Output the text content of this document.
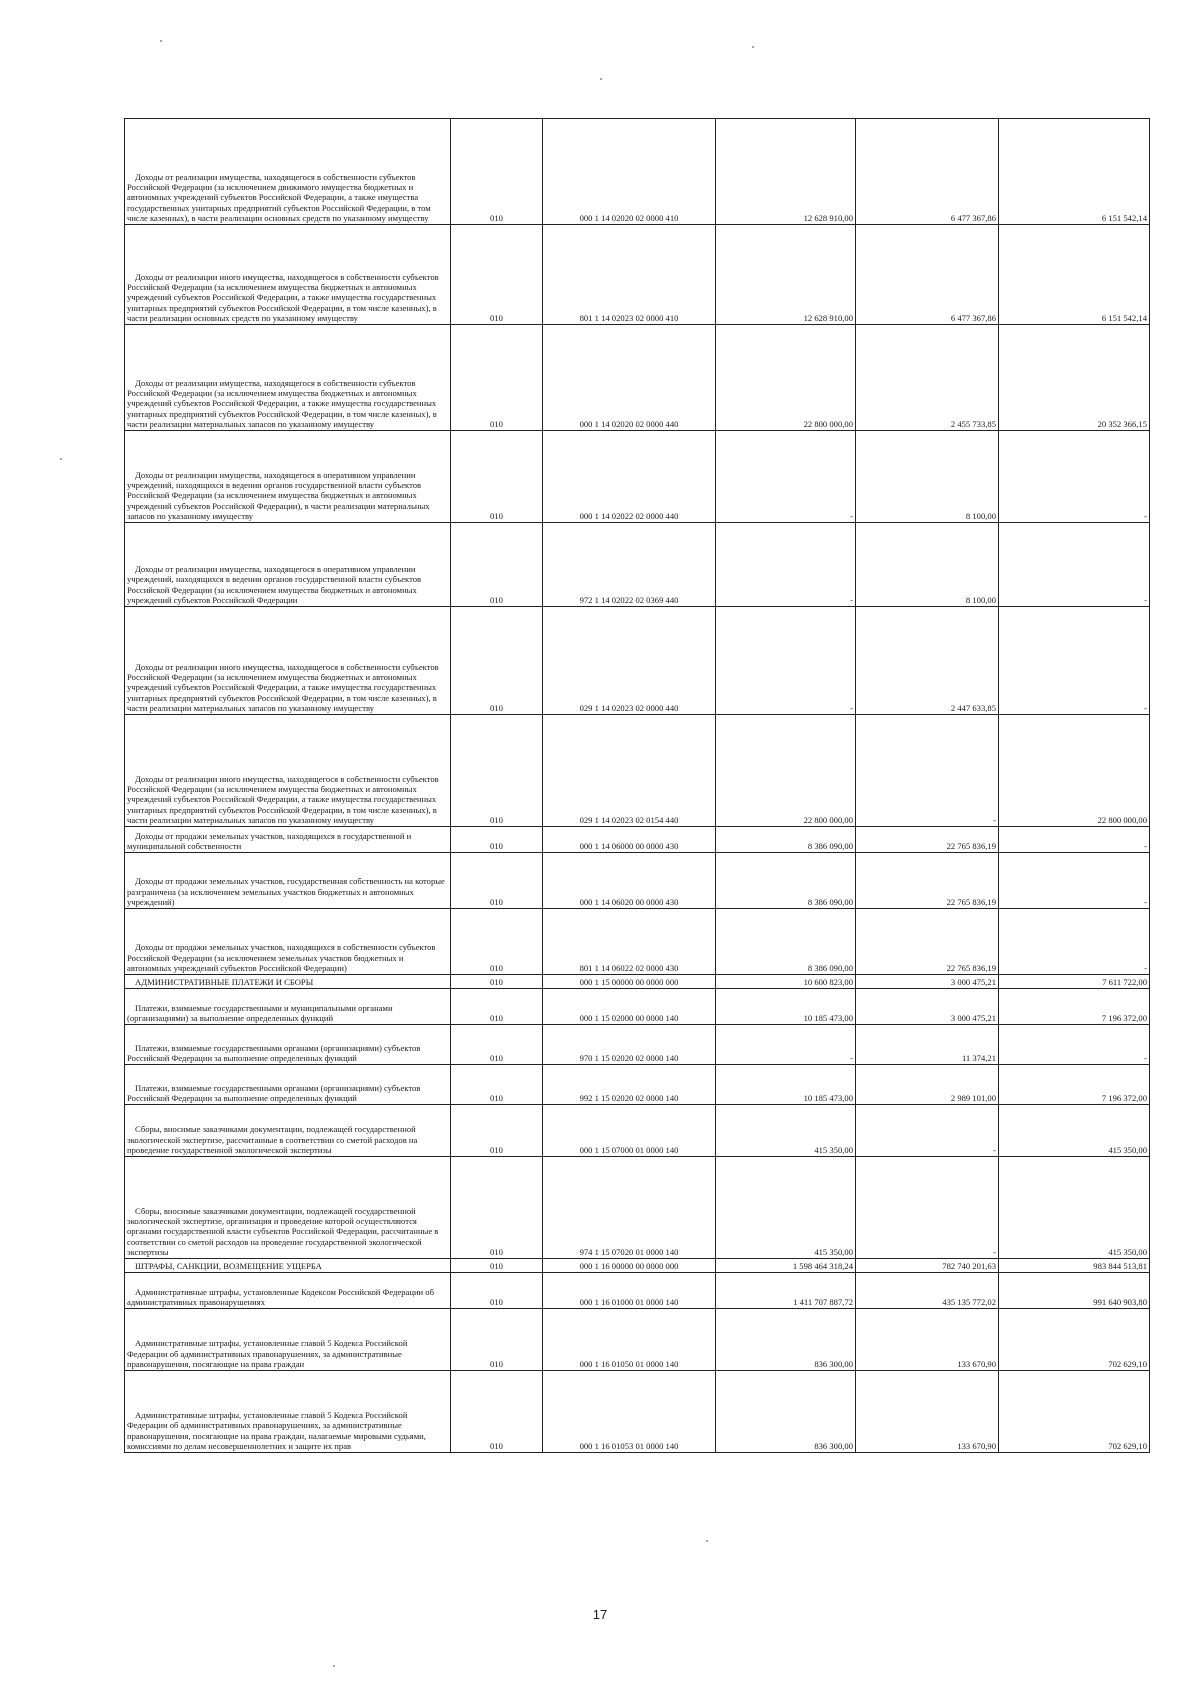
Доходы от реализации имущества, находящегося в собственности субъектов Российской Федерации (за исключением движимого имущества бюджетных и автономных учреждений субъектов Российской Федерации, а также имущества государственных унитарных предприятий субъектов Российской Федерации, в том числе казенных), в части реализации основных средств по указанному имуществу	010	000 1 14 02020 02 0000 410	12 628 910,00	6 477 367,86	6 151 542,14

Доходы от реализации иного имущества, находящегося в собственности субъектов Российской Федерации (за исключением имущества бюджетных и автономных учреждений субъектов Российской Федерации, а также имущества государственных унитарных предприятий субъектов Российской Федерации, в том числе казенных), в части реализации основных средств по указанному имуществу	010	801 1 14 02023 02 0000 410	12 628 910,00	6 477 367,86	6 151 542,14

Доходы от реализации имущества, находящегося в собственности субъектов Российской Федерации (за исключением имущества бюджетных и автономных учреждений субъектов Российской Федерации, а также имущества государственных унитарных предприятий субъектов Российской Федерации, в том числе казенных), в части реализации материальных запасов по указанному имуществу	010	000 1 14 02020 02 0000 440	22 800 000,00	2 455 733,85	20 352 366,15

Доходы от реализации имущества, находящегося в оперативном управлении учреждений, находящихся в ведении органов государственной власти субъектов Российской Федерации (за исключением имущества бюджетных и автономных учреждений субъектов Российской Федерации), в части реализации материальных запасов по указанному имуществу	010	000 1 14 02022 02 0000 440	-	8 100,00	-

Доходы от реализации имущества, находящегося в оперативном управлении учреждений, находящихся в ведении органов государственной власти субъектов Российской Федерации (за исключением имущества бюджетных и автономных учреждений субъектов Российской Федерации	010	972 1 14 02022 02 0369 440	-	8 100,00	-

Доходы от реализации иного имущества, находящегося в собственности субъектов Российской Федерации (за исключением имущества бюджетных и автономных учреждений субъектов Российской Федерации, а также имущества государственных унитарных предприятий субъектов Российской Федерации, в том числе казенных), в части реализации материальных запасов по указанному имуществу	010	029 1 14 02023 02 0000 440	-	2 447 633,85	-

Доходы от реализации иного имущества, находящегося в собственности субъектов Российской Федерации (за исключением имущества бюджетных и автономных учреждений субъектов Российской Федерации, а также имущества государственных унитарных предприятий субъектов Российской Федерации, в том числе казенных), в части реализации материальных запасов по указанному имуществу	010	029 1 14 02023 02 0154 440	22 800 000,00	-	22 800 000,00

Доходы от продажи земельных участков, находящихся в государственной и муниципальной собственности	010	000 1 14 06000 00 0000 430	8 386 090,00	22 765 836,19	-

Доходы от продажи земельных участков, государственная собственность на которые разграничена (за исключением земельных участков бюджетных и автономных учреждений)	010	000 1 14 06020 00 0000 430	8 386 090,00	22 765 836,19	-

Доходы от продажи земельных участков, находящихся в собственности субъектов Российской Федерации (за исключением земельных участков бюджетных и автономных учреждений субъектов Российской Федерации)	010	801 1 14 06022 02 0000 430	8 386 090,00	22 765 836,19	-

АДМИНИСТРАТИВНЫЕ ПЛАТЕЖИ И СБОРЫ	010	000 1 15 00000 00 0000 000	10 600 823,00	3 000 475,21	7 611 722,00

Платежи, взимаемые государственными и муниципальными органами (организациями) за выполнение определенных функций	010	000 1 15 02000 00 0000 140	10 185 473,00	3 000 475,21	7 196 372,00

Платежи, взимаемые государственными органами (организациями) субъектов Российской Федерации за выполнение определенных функций	010	970 1 15 02020 02 0000 140	-	11 374,21	-

Платежи, взимаемые государственными органами (организациями) субъектов Российской Федерации за выполнение определенных функций	010	992 1 15 02020 02 0000 140	10 185 473,00	2 989 101,00	7 196 372,00

Сборы, вносимые заказчиками документации, подлежащей государственной экологической экспертизе, рассчитанные в соответствии со сметой расходов на проведение государственной экологической экспертизы	010	000 1 15 07000 01 0000 140	415 350,00	-	415 350,00

Сборы, вносимые заказчиками документации, подлежащей государственной экологической экспертизе, организация и проведение которой осуществляются органами государственной власти субъектов Российской Федерации, рассчитанные в соответствии со сметой расходов на проведение государственной экологической экспертизы	010	974 1 15 07020 01 0000 140	415 350,00	-	415 350,00

ШТРАФЫ, САНКЦИИ, ВОЗМЕЩЕНИЕ УЩЕРБА	010	000 1 16 00000 00 0000 000	1 598 464 318,24	782 740 201,63	983 844 513,81

Административные штрафы, установленные Кодексом Российской Федерации об административных правонарушениях	010	000 1 16 01000 01 0000 140	1 411 707 887,72	435 135 772,02	991 640 903,80

Административные штрафы, установленные главой 5 Кодекса Российской Федерации об административных правонарушениях, за административные правонарушения, посягающие на права граждан	010	000 1 16 01050 01 0000 140	836 300,00	133 670,90	702 629,10

Административные штрафы, установленные главой 5 Кодекса Российской Федерации об административных правонарушениях, за административные правонарушения, посягающие на права граждан, налагаемые мировыми судьями, комиссиями по делам несовершеннолетних и защите их прав	010	000 1 16 01053 01 0000 140	836 300,00	133 670,90	702 629,10
17
